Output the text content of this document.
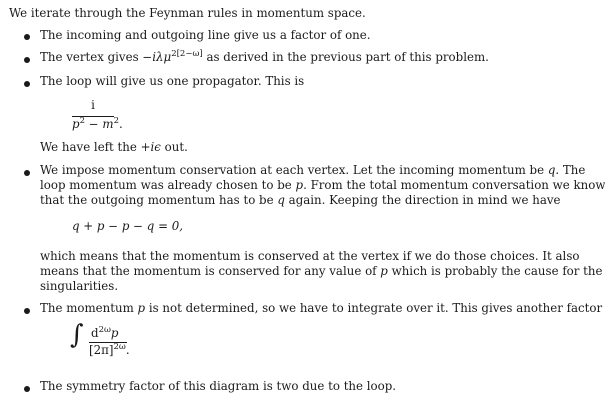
We iterate through the Feynman rules in momentum space.
The incoming and outgoing line give us a factor of one.
The vertex gives −iλμ$^{2[2-\omega]}$ as derived in the previous part of this problem.
The loop will give us one propagator. This is
i
$p^2 - m^2$.
We have left the +iϵ out.
We impose momentum conservation at each vertex. Let the incoming momentum be q. The
loop momentum was already chosen to be p. From the total momentum conversation we know
that the outgoing momentum has to be q again. Keeping the direction in mind we have
q + p − p − q = 0,
which means that the momentum is conserved at the vertex if we do those choices. It also
means that the momentum is conserved for any value of p which is probably the cause for the
singularities.
The momentum p is not determined, so we have to integrate over it. This gives another factor
∫ $d^{2\omega}p$
$[2\pi]^{2\omega}$.
The symmetry factor of this diagram is two due to the loop.
